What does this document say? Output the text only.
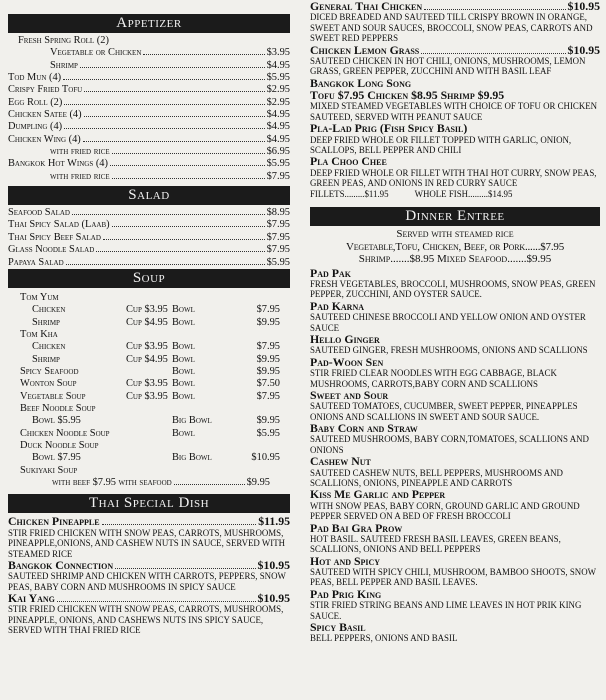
Appetizer
Fresh Spring Roll (2)
Vegetable or Chicken	$3.95
Shrimp	$4.95
Tod Mun (4)	$5.95
Crispy Fried Tofu	$2.95
Egg Roll (2)	$2.95
Chicken Satee (4)	$4.95
Dumpling (4)	$4.95
Chicken Wing (4)	$4.95
with fried rice	$6.95
Bangkok Hot Wings (4)	$5.95
with fried rice	$7.95
Salad
Seafood Salad	$8.95
Thai Spicy Salad (Laab)	$7.95
Thai Spicy Beef Salad	$7.95
Glass Noodle Salad	$7.95
Papaya Salad	$5.95
Soup
Tom Yum
Chicken	Cup $3.95 Bowl	$7.95
Shrimp	Cup $4.95 Bowl	$9.95
Tom Kha
Chicken	Cup $3.95 Bowl	$7.95
Shrimp	Cup $4.95 Bowl	$9.95
Spicy Seafood	Bowl	$9.95
Wonton Soup	Cup $3.95 Bowl	$7.50
Vegetable Soup	Cup $3.95 Bowl	$7.95
Beef Noodle Soup
Bowl $5.95	Big Bowl	$9.95
Chicken Noodle Soup	Bowl	$5.95
Duck Noodle Soup
Bowl $7.95	Big Bowl	$10.95
Sukiyaki Soup
with beef $7.95 with seafood	$9.95
Thai Special Dish
Chicken Pineapple	$11.95
STIR FRIED CHICKEN WITH SNOW PEAS, CARROTS, MUSHROOMS, PINEAPPLE,ONIONS, AND CASHEW NUTS IN SAUCE, SERVED WITH STEAMED RICE
Bangkok Connection	$10.95
SAUTEED SHRIMP AND CHICKEN WITH CARROTS, PEPPERS, SNOW PEAS, BABY CORN AND MUSHROOMS IN SPICY SAUCE
Kai Yang	$10.95
STIR FRIED CHICKEN WITH SNOW PEAS, CARROTS, MUSHROOMS, PINEAPPLE, ONIONS, AND CASHEWS NUTS INS SPICY SAUCE, SERVED WITH THAI FRIED RICE
General Thai Chicken	$10.95
DICED BREADED AND SAUTEED TILL CRISPY BROWN IN ORANGE, SWEET AND SOUR SAUCES, BROCCOLI, SNOW PEAS, CARROTS AND SWEET RED PEPPERS
Chicken Lemon Grass	$10.95
SAUTEED CHICKEN IN HOT CHILI, ONIONS, MUSHROOMS, LEMON GRASS, GREEN PEPPER, ZUCCHINI AND WITH BASIL LEAF
Bangkok Long Song
Tofu $7.95 Chicken $8.95 Shrimp $9.95
MIXED STEAMED VEGETABLES WITH CHOICE OF TOFU OR CHICKEN SAUTEED, SERVED WITH PEANUT SAUCE
Pla-Lad Prig (Fish Spicy Basil)
DEEP FRIED WHOLE OR FILLET TOPPED WITH GARLIC, ONION, SCALLOPS, BELL PEPPER AND CHILI
Pla Choo Chee
DEEP FRIED WHOLE OR FILLET WITH THAI HOT CURRY, SNOW PEAS, GREEN PEAS, AND ONIONS IN RED CURRY SAUCE
FILLETS.........$11.95	WHOLE FISH.........$14.95
Dinner Entree
Served with steamed rice
Vegetable,Tofu, Chicken, Beef, or Pork......$7.95
Shrimp.......$8.95 Mixed Seafood.......$9.95
Pad Pak
FRESH VEGETABLES, BROCCOLI, MUSHROOMS, SNOW PEAS, GREEN PEPPER, ZUCCHINI, AND OYSTER SAUCE.
Pad Karna
SAUTEED CHINESE BROCCOLI AND YELLOW ONION AND OYSTER SAUCE
Hello Ginger
SAUTEED GINGER, FRESH MUSHROOMS, ONIONS AND SCALLIONS
Pad-Woon Sen
STIR FRIED CLEAR NOODLES WITH EGG CABBAGE, BLACK MUSHROOMS, CARROTS,BABY CORN AND SCALLIONS
Sweet and Sour
SAUTEED TOMATOES, CUCUMBER, SWEET PEPPER, PINEAPPLES ONIONS AND SCALLIONS IN SWEET AND SOUR SAUCE.
Baby Corn and Straw
SAUTEED MUSHROOMS, BABY CORN,TOMATOES, SCALLIONS AND ONIONS
Cashew Nut
SAUTEED CASHEW NUTS, BELL PEPPERS, MUSHROOMS AND SCALLIONS, ONIONS, PINEAPPLE AND CARROTS
Kiss Me Garlic and Pepper
WITH SNOW PEAS, BABY CORN, GROUND GARLIC AND GROUND PEPPER SERVED ON A BED OF FRESH BROCCOLI
Pad Bai Gra Prow
HOT BASIL. SAUTEED FRESH BASIL LEAVES, GREEN BEANS, SCALLIONS, ONIONS AND BELL PEPPERS
Hot and Spicy
SAUTEED WITH SPICY CHILI, MUSHROOM, BAMBOO SHOOTS, SNOW PEAS, BELL PEPPER AND BASIL LEAVES.
Pad Prig King
STIR FRIED STRING BEANS AND LIME LEAVES IN HOT PRIK KING SAUCE.
Spicy Basil
BELL PEPPERS, ONIONS AND BASIL
